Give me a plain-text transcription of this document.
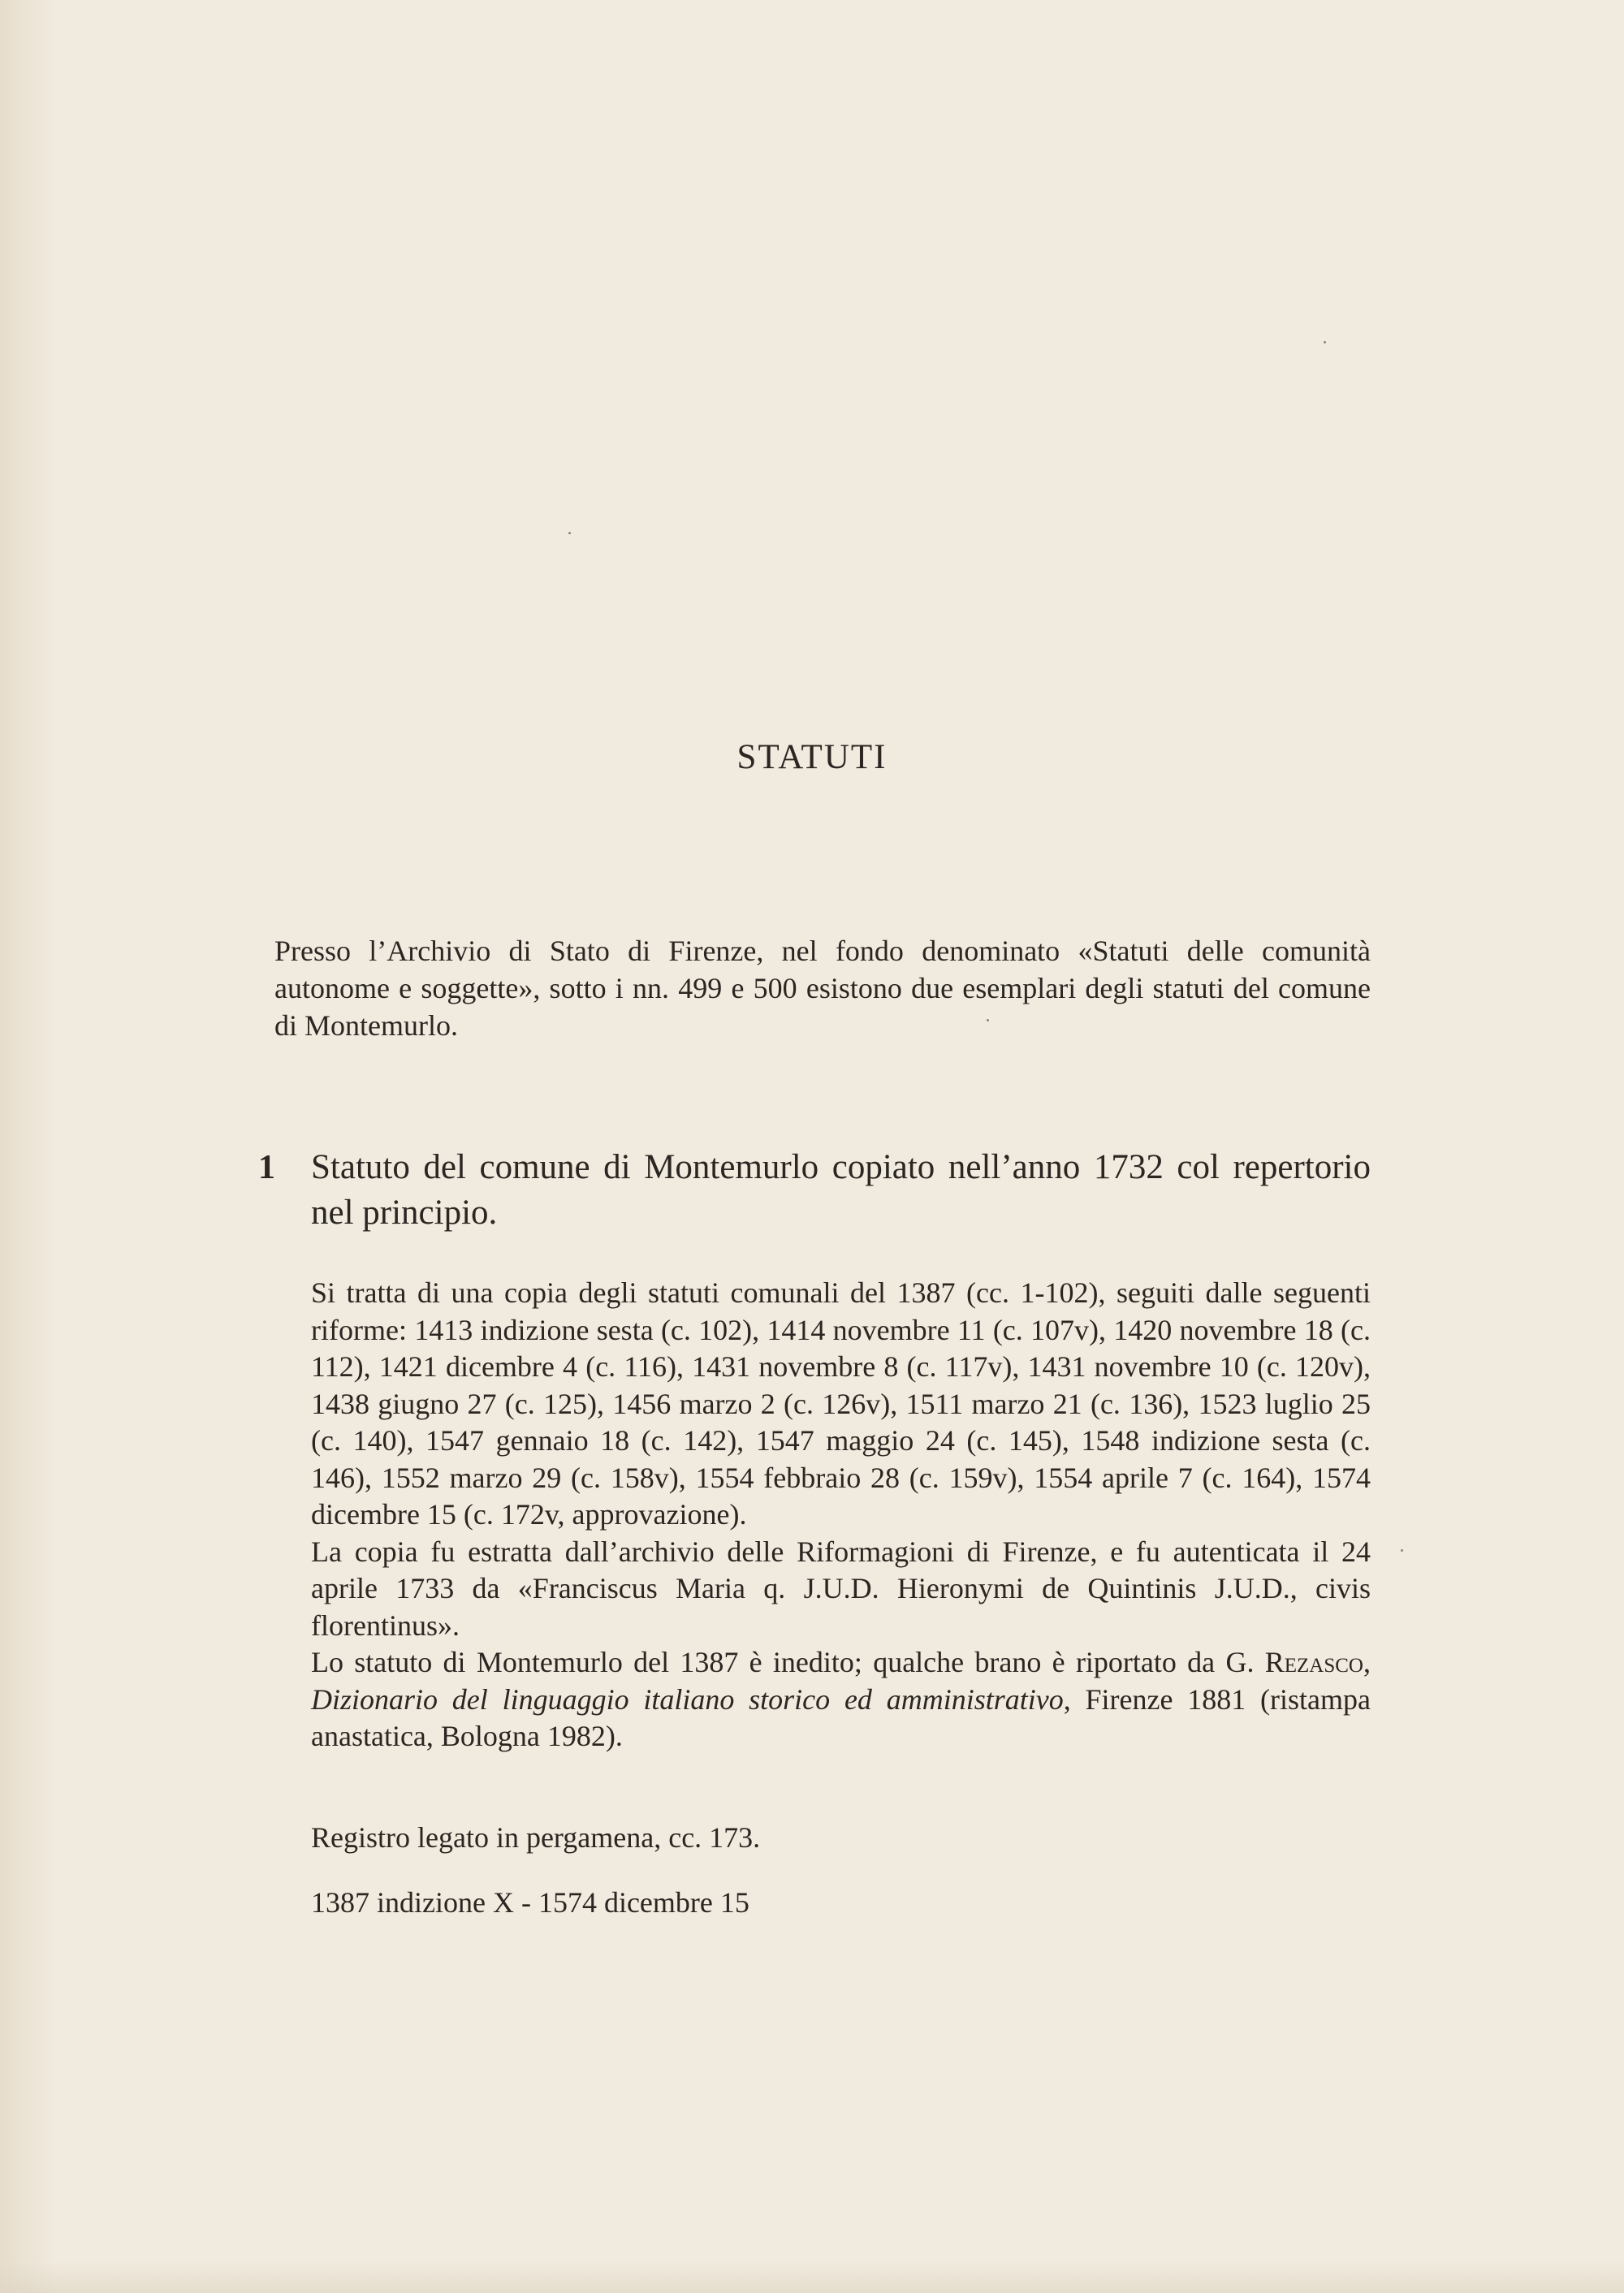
STATUTI

Presso l’Archivio di Stato di Firenze, nel fondo denominato «Statuti delle comunità autonome e soggette», sotto i nn. 499 e 500 esistono due esemplari degli statuti del comune di Montemurlo.

1 Statuto del comune di Montemurlo copiato nell’anno 1732 col repertorio nel principio.

Si tratta di una copia degli statuti comunali del 1387 (cc. 1-102), seguiti dalle seguenti riforme: 1413 indizione sesta (c. 102), 1414 novembre 11 (c. 107v), 1420 novembre 18 (c. 112), 1421 dicembre 4 (c. 116), 1431 novembre 8 (c. 117v), 1431 novembre 10 (c. 120v), 1438 giugno 27 (c. 125), 1456 marzo 2 (c. 126v), 1511 marzo 21 (c. 136), 1523 luglio 25 (c. 140), 1547 gennaio 18 (c. 142), 1547 maggio 24 (c. 145), 1548 indizione sesta (c. 146), 1552 marzo 29 (c. 158v), 1554 febbraio 28 (c. 159v), 1554 aprile 7 (c. 164), 1574 dicembre 15 (c. 172v, approvazione).

La copia fu estratta dall’archivio delle Riformagioni di Firenze, e fu autenticata il 24 aprile 1733 da «Franciscus Maria q. J.U.D. Hieronymi de Quintinis J.U.D., civis florentinus».

Lo statuto di Montemurlo del 1387 è inedito; qualche brano è riportato da G. Rezasco, Dizionario del linguaggio italiano storico ed amministrativo, Firenze 1881 (ristampa anastatica, Bologna 1982).

Registro legato in pergamena, cc. 173.

1387 indizione X - 1574 dicembre 15
